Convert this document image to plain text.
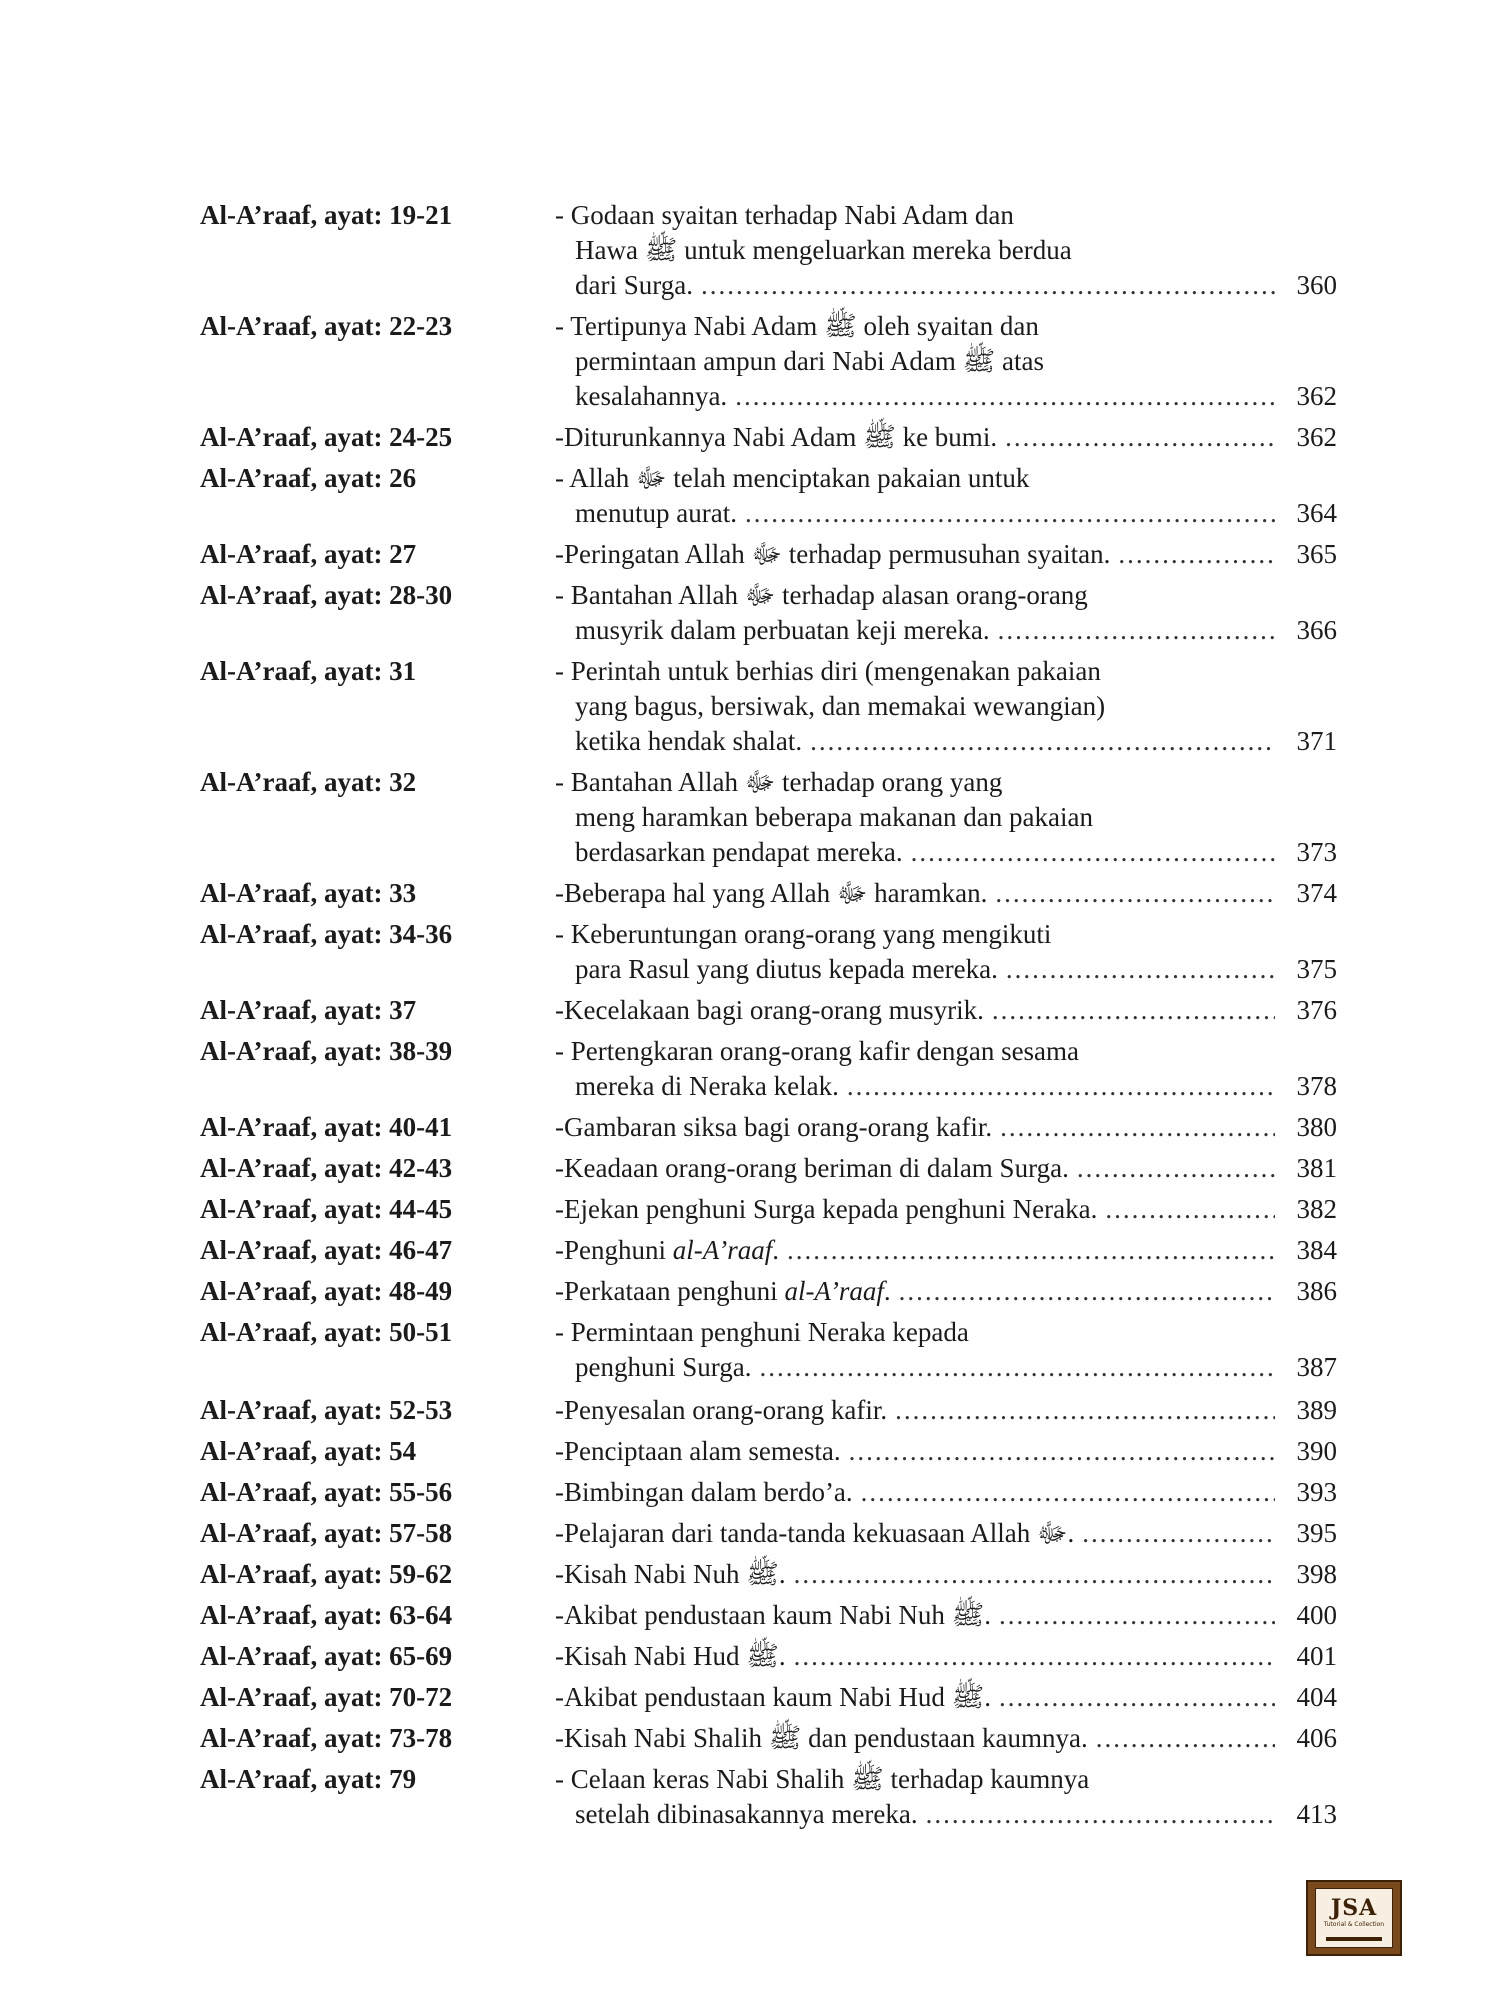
Al-A’raaf, ayat: 19-21	- Godaan syaitan terhadap Nabi Adam dan
Hawa ﷺ untuk mengeluarkan mereka berdua
dari Surga. .....	360
Al-A’raaf, ayat: 22-23	- Tertipunya Nabi Adam ﷺ oleh syaitan dan
permintaan ampun dari Nabi Adam ﷺ atas
kesalahannya. .....	362
Al-A’raaf, ayat: 24-25	- Diturunkannya Nabi Adam ﷺ ke bumi. .....	362
Al-A’raaf, ayat: 26	- Allah ﷻ telah menciptakan pakaian untuk
menutup aurat. .....	364
Al-A’raaf, ayat: 27	- Peringatan Allah ﷻ terhadap permusuhan syaitan. .....	365
Al-A’raaf, ayat: 28-30	- Bantahan Allah ﷻ terhadap alasan orang-orang
musyrik dalam perbuatan keji mereka. .....	366
Al-A’raaf, ayat: 31	- Perintah untuk berhias diri (mengenakan pakaian
yang bagus, bersiwak, dan memakai wewangian)
ketika hendak shalat. .....	371
Al-A’raaf, ayat: 32	- Bantahan Allah ﷻ terhadap orang yang
meng haramkan beberapa makanan dan pakaian
berdasarkan pendapat mereka. .....	373
Al-A’raaf, ayat: 33	- Beberapa hal yang Allah ﷻ haramkan. .....	374
Al-A’raaf, ayat: 34-36	- Keberuntungan orang-orang yang mengikuti
para Rasul yang diutus kepada mereka. .....	375
Al-A’raaf, ayat: 37	- Kecelakaan bagi orang-orang musyrik. .....	376
Al-A’raaf, ayat: 38-39	- Pertengkaran orang-orang kafir dengan sesama
mereka di Neraka kelak. .....	378
Al-A’raaf, ayat: 40-41	- Gambaran siksa bagi orang-orang kafir. .....	380
Al-A’raaf, ayat: 42-43	- Keadaan orang-orang beriman di dalam Surga. .....	381
Al-A’raaf, ayat: 44-45	- Ejekan penghuni Surga kepada penghuni Neraka. .....	382
Al-A’raaf, ayat: 46-47	- Penghuni al-A’raaf. .....	384
Al-A’raaf, ayat: 48-49	- Perkataan penghuni al-A’raaf. .....	386
Al-A’raaf, ayat: 50-51	- Permintaan penghuni Neraka kepada
penghuni Surga. .....	387
Al-A’raaf, ayat: 52-53	- Penyesalan orang-orang kafir. .....	389
Al-A’raaf, ayat: 54	- Penciptaan alam semesta. .....	390
Al-A’raaf, ayat: 55-56	- Bimbingan dalam berdo’a. .....	393
Al-A’raaf, ayat: 57-58	- Pelajaran dari tanda-tanda kekuasaan Allah ﷻ. .....	395
Al-A’raaf, ayat: 59-62	- Kisah Nabi Nuh ﷺ. .....	398
Al-A’raaf, ayat: 63-64	- Akibat pendustaan kaum Nabi Nuh ﷺ. .....	400
Al-A’raaf, ayat: 65-69	- Kisah Nabi Hud ﷺ. .....	401
Al-A’raaf, ayat: 70-72	- Akibat pendustaan kaum Nabi Hud ﷺ. .....	404
Al-A’raaf, ayat: 73-78	- Kisah Nabi Shalih ﷺ dan pendustaan kaumnya. .....	406
Al-A’raaf, ayat: 79	- Celaan keras Nabi Shalih ﷺ terhadap kaumnya
setelah dibinasakannya mereka. .....	413
JSA
Tutorial & Collection
